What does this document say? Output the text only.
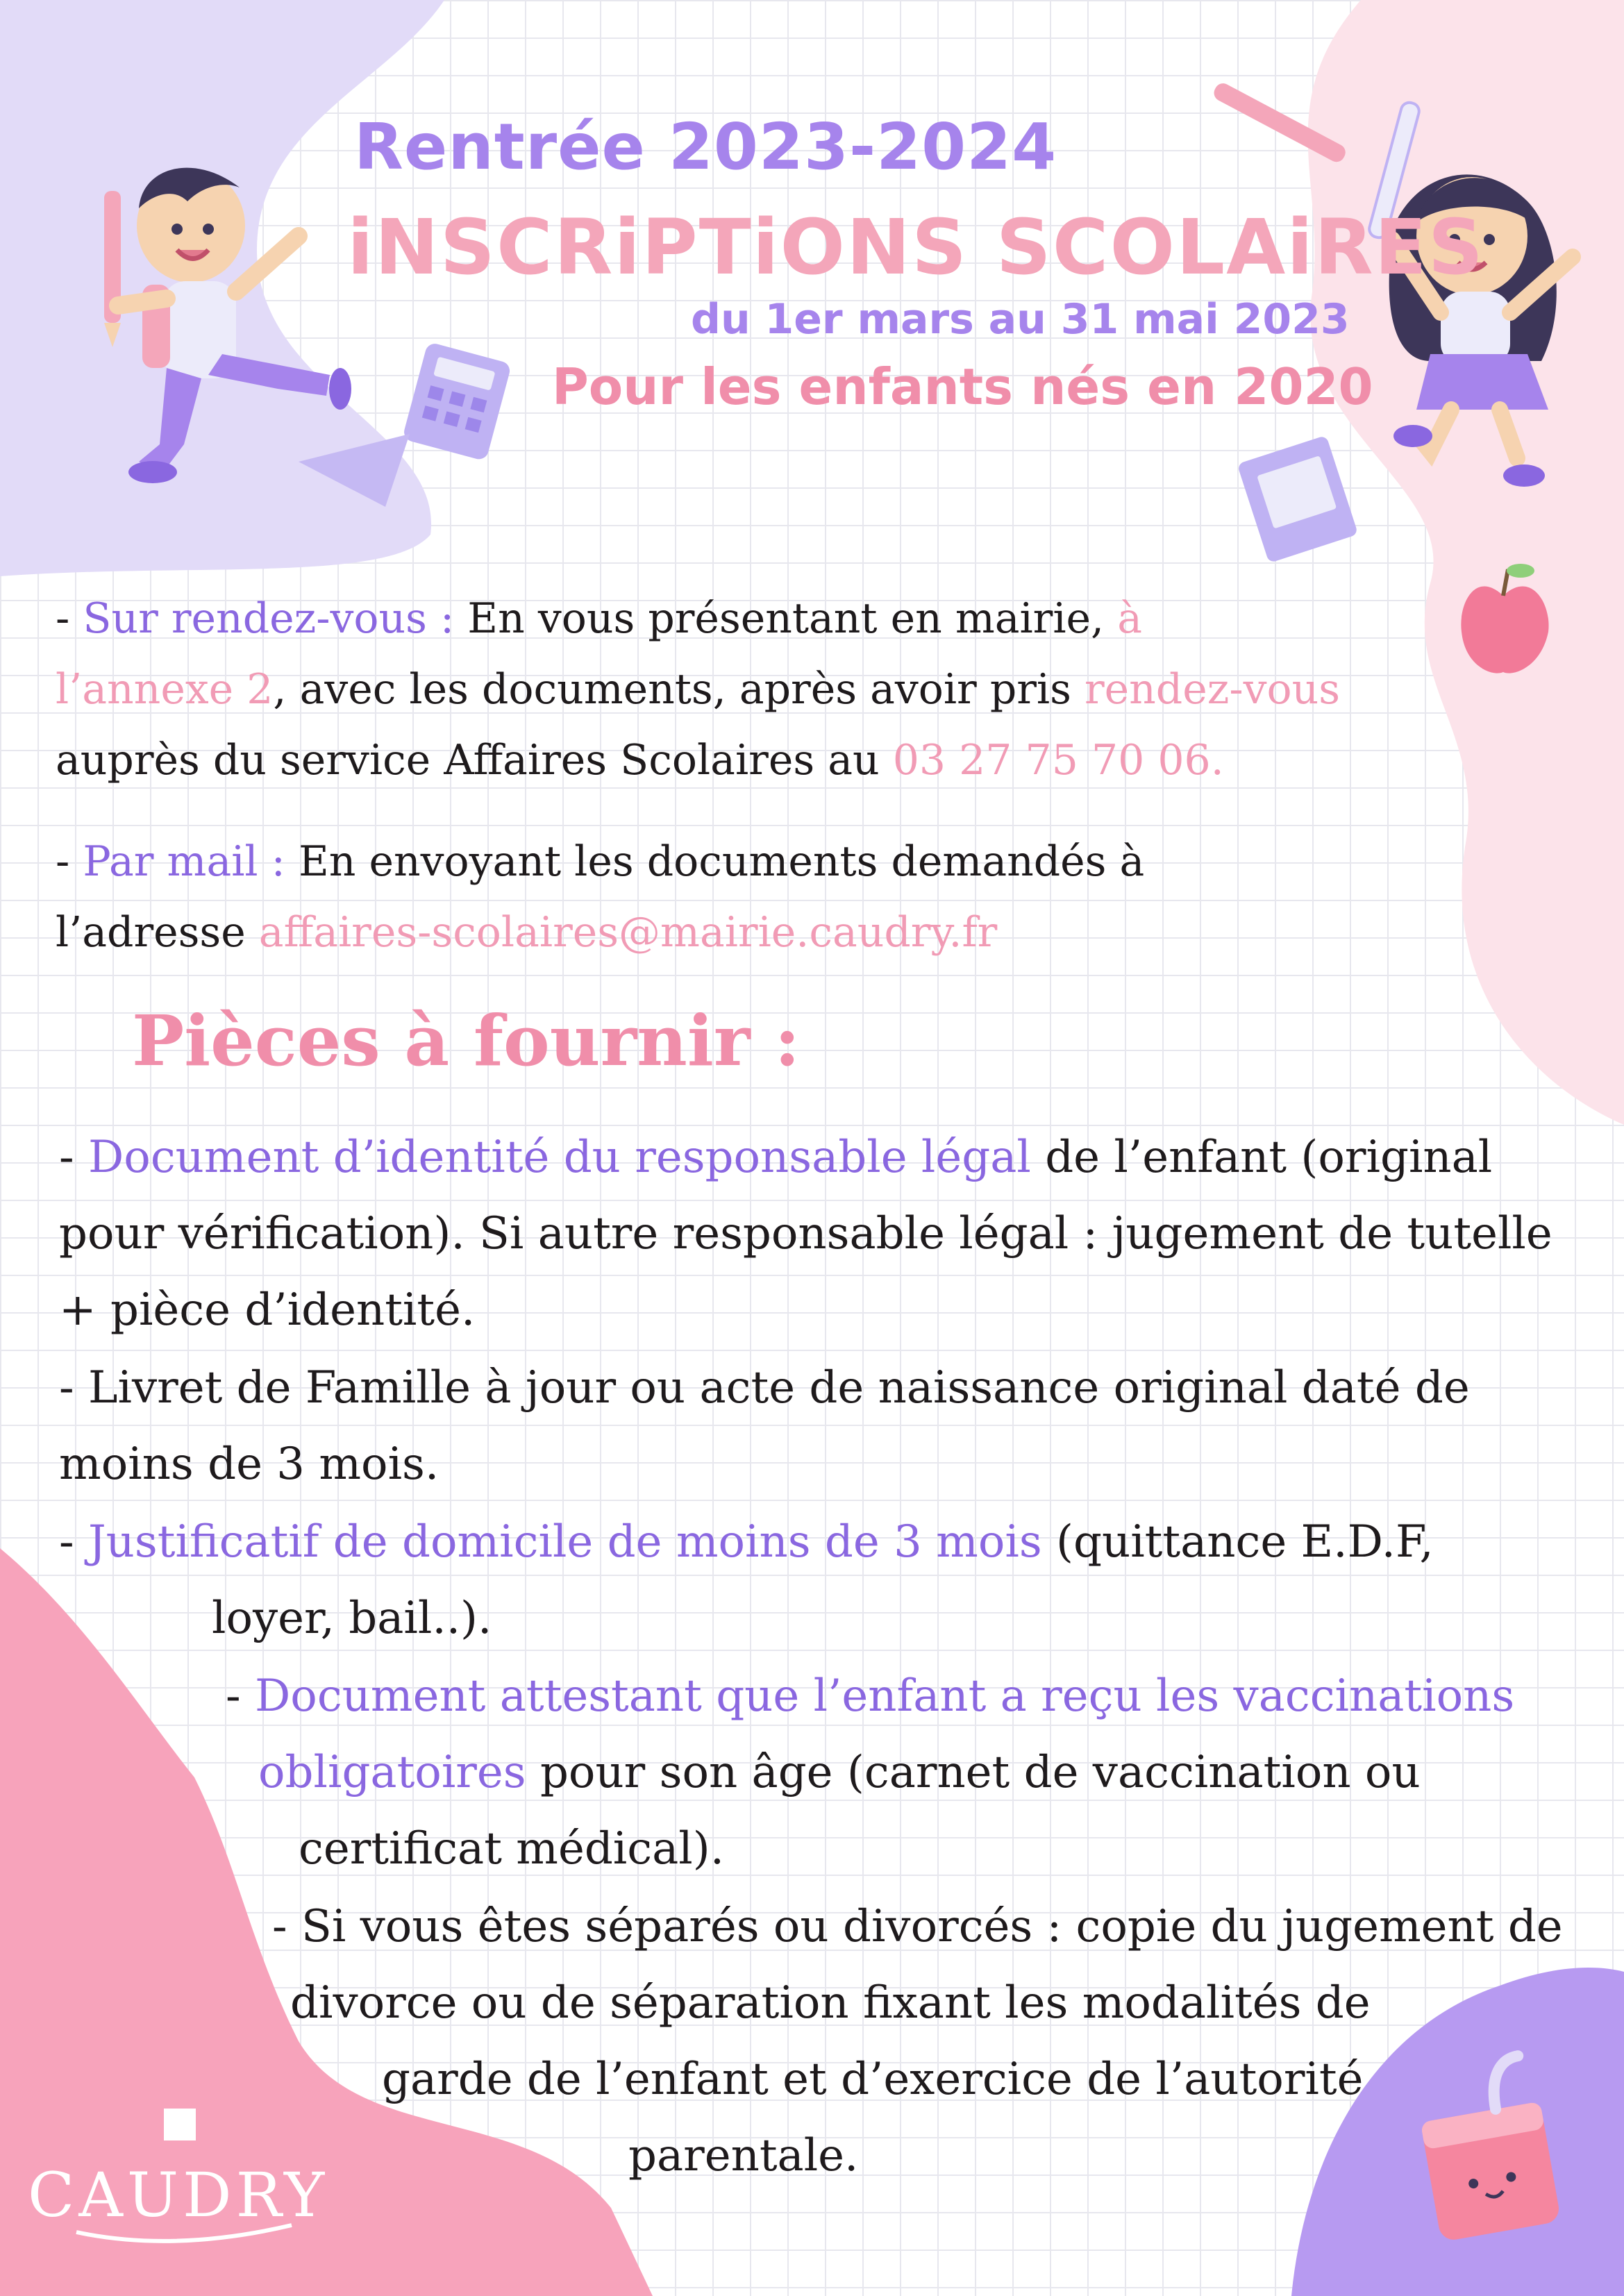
Rentrée 2023-2024
iNSCRiPTiONS SCOLAiRES
du 1er mars au 31 mai 2023
Pour les enfants nés en 2020
- Sur rendez-vous : En vous présentant en mairie, à
l’annexe 2, avec les documents, après avoir pris rendez-vous
auprès du service Affaires Scolaires au 03 27 75 70 06.
- Par mail : En envoyant les documents demandés à
l’adresse affaires-scolaires@mairie.caudry.fr
Pièces à fournir :
- Document d’identité du responsable légal de l’enfant (original
pour vérification). Si autre responsable légal : jugement de tutelle
+ pièce d’identité.
- Livret de Famille à jour ou acte de naissance original daté de
moins de 3 mois.
- Justificatif de domicile de moins de 3 mois (quittance E.D.F,
loyer, bail..).
- Document attestant que l’enfant a reçu les vaccinations
obligatoires pour son âge (carnet de vaccination ou
certificat médical).
- Si vous êtes séparés ou divorcés : copie du jugement de
divorce ou de séparation fixant les modalités de
garde de l’enfant et d’exercice de l’autorité
parentale.
CAUDRY
